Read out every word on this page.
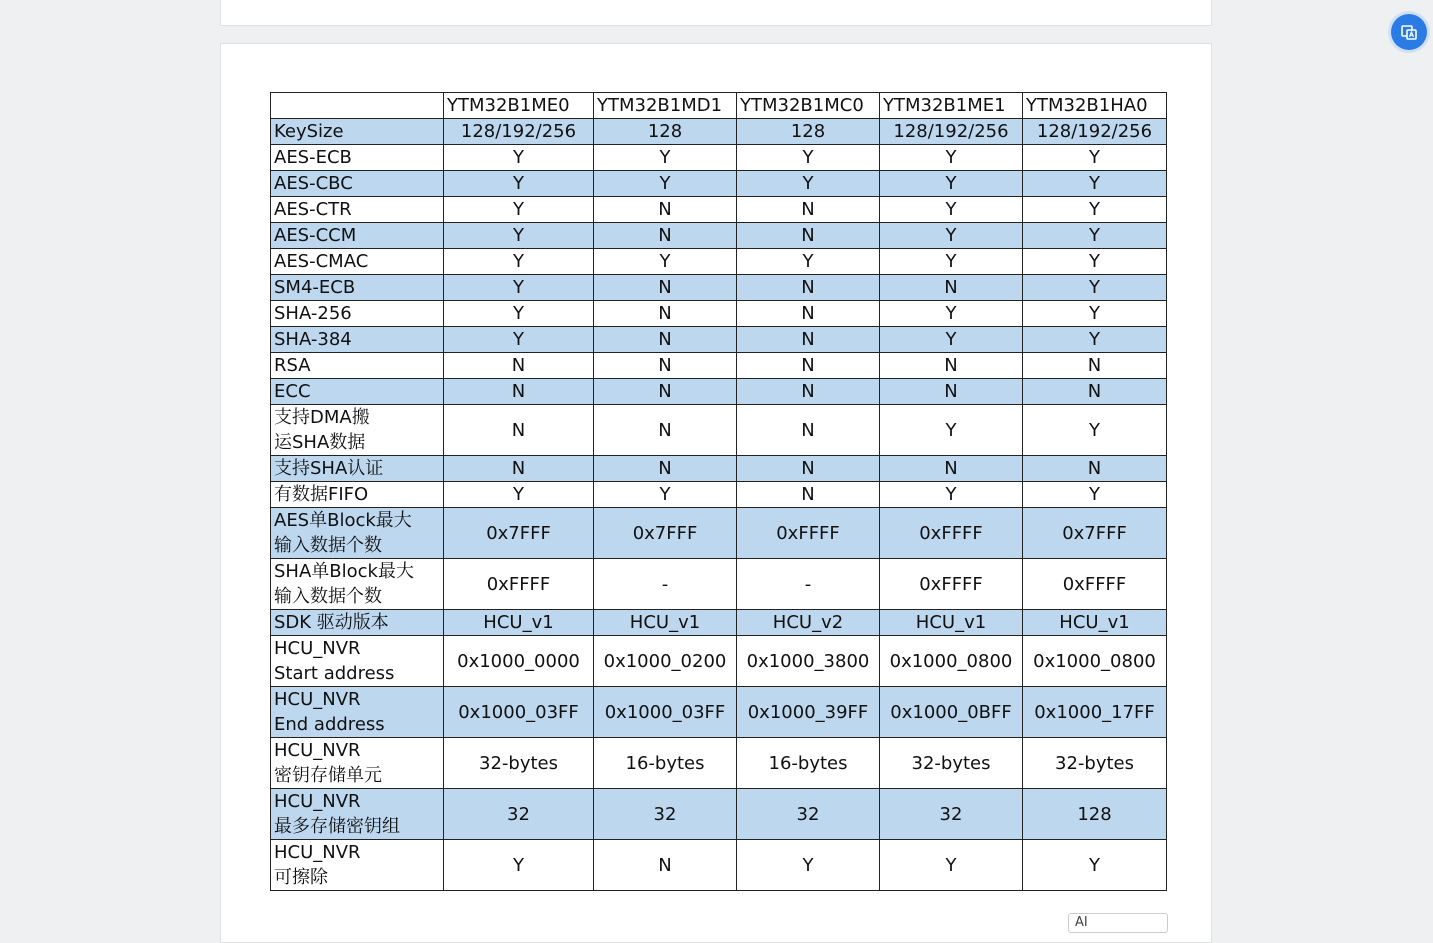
	YTM32B1ME0	YTM32B1MD1	YTM32B1MC0	YTM32B1ME1	YTM32B1HA0
KeySize	128/192/256	128	128	128/192/256	128/192/256
AES-ECB	Y	Y	Y	Y	Y
AES-CBC	Y	Y	Y	Y	Y
AES-CTR	Y	N	N	Y	Y
AES-CCM	Y	N	N	Y	Y
AES-CMAC	Y	Y	Y	Y	Y
SM4-ECB	Y	N	N	N	Y
SHA-256	Y	N	N	Y	Y
SHA-384	Y	N	N	Y	Y
RSA	N	N	N	N	N
ECC	N	N	N	N	N
支持DMA搬
运SHA数据	N	N	N	Y	Y
支持SHA认证	N	N	N	N	N
有数据FIFO	Y	Y	N	Y	Y
AES单Block最大
输入数据个数	0x7FFF	0x7FFF	0xFFFF	0xFFFF	0x7FFF
SHA单Block最大
输入数据个数	0xFFFF	-	-	0xFFFF	0xFFFF
SDK 驱动版本	HCU_v1	HCU_v1	HCU_v2	HCU_v1	HCU_v1
HCU_NVR
Start address	0x1000_0000	0x1000_0200	0x1000_3800	0x1000_0800	0x1000_0800
HCU_NVR
End address	0x1000_03FF	0x1000_03FF	0x1000_39FF	0x1000_0BFF	0x1000_17FF
HCU_NVR
密钥存储单元	32-bytes	16-bytes	16-bytes	32-bytes	32-bytes
HCU_NVR
最多存储密钥组	32	32	32	32	128
HCU_NVR
可擦除	Y	N	Y	Y	Y
AI
